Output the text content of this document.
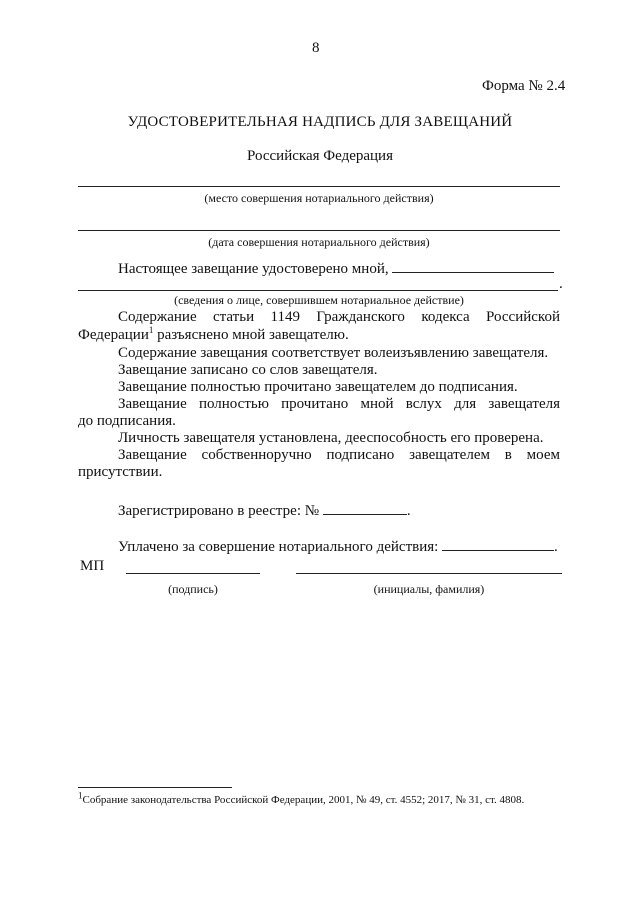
8
Форма № 2.4
УДОСТОВЕРИТЕЛЬНАЯ НАДПИСЬ ДЛЯ ЗАВЕЩАНИЙ
Российская Федерация
(место совершения нотариального действия)
(дата совершения нотариального действия)
Настоящее завещание удостоверено мной,
.
(сведения о лице, совершившем нотариальное действие)
Содержание статьи 1149 Гражданского кодекса Российской
Федерации$^1$ разъяснено мной завещателю.
Содержание завещания соответствует волеизъявлению завещателя.
Завещание записано со слов завещателя.
Завещание полностью прочитано завещателем до подписания.
Завещание полностью прочитано мной вслух для завещателя
до подписания.
Личность завещателя установлена, дееспособность его проверена.
Завещание собственноручно подписано завещателем в моем
присутствии.
Зарегистрировано в реестре: №	.
Уплачено за совершение нотариального действия:	.
МП
(подпись)	(инициалы, фамилия)
$^1$Собрание законодательства Российской Федерации, 2001, № 49, ст. 4552; 2017, № 31, ст. 4808.
